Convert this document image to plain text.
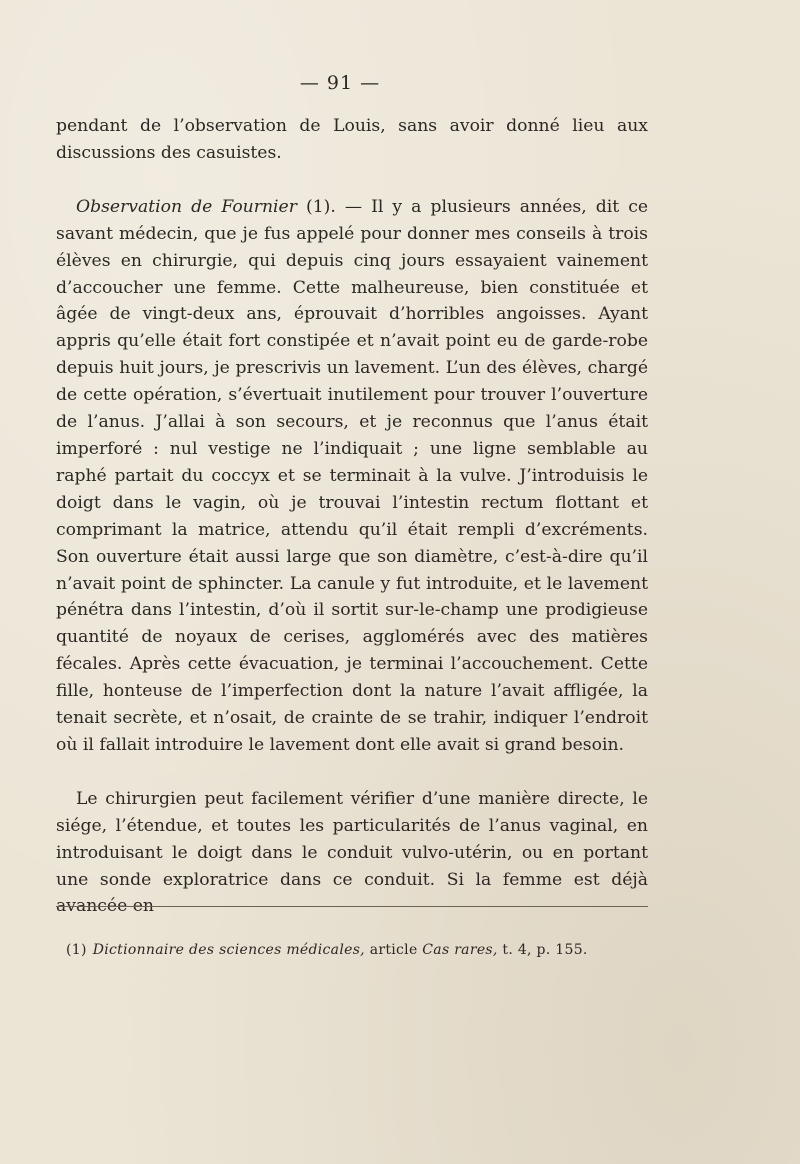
— 91 —

pendant de l’observation de Louis, sans avoir donné lieu aux discussions des casuistes.

Observation de Fournier (1). — Il y a plusieurs années, dit ce savant médecin, que je fus appelé pour donner mes conseils à trois élèves en chirurgie, qui depuis cinq jours essayaient vainement d’accoucher une femme. Cette malheureuse, bien constituée et âgée de vingt-deux ans, éprouvait d’horribles angoisses. Ayant appris qu’elle était fort constipée et n’avait point eu de garde-robe depuis huit jours, je prescrivis un lavement. L’un des élèves, chargé de cette opération, s’évertuait inutilement pour trouver l’ouverture de l’anus. J’allai à son secours, et je reconnus que l’anus était imperforé : nul vestige ne l’indiquait ; une ligne semblable au raphé partait du coccyx et se terminait à la vulve. J’introduisis le doigt dans le vagin, où je trouvai l’intestin rectum flottant et comprimant la matrice, attendu qu’il était rempli d’excréments. Son ouverture était aussi large que son diamètre, c’est-à-dire qu’il n’avait point de sphincter. La canule y fut introduite, et le lavement pénétra dans l’intestin, d’où il sortit sur-le-champ une prodigieuse quantité de noyaux de cerises, agglomérés avec des matières fécales. Après cette évacuation, je terminai l’accouchement. Cette fille, honteuse de l’imperfection dont la nature l’avait affligée, la tenait secrète, et n’osait, de crainte de se trahir, indiquer l’endroit où il fallait introduire le lavement dont elle avait si grand besoin.

Le chirurgien peut facilement vérifier d’une manière directe, le siége, l’étendue, et toutes les particularités de l’anus vaginal, en introduisant le doigt dans le conduit vulvo-utérin, ou en portant une sonde exploratrice dans ce conduit. Si la femme est déjà avancée en

(1) Dictionnaire des sciences médicales, article Cas rares, t. 4, p. 155.
